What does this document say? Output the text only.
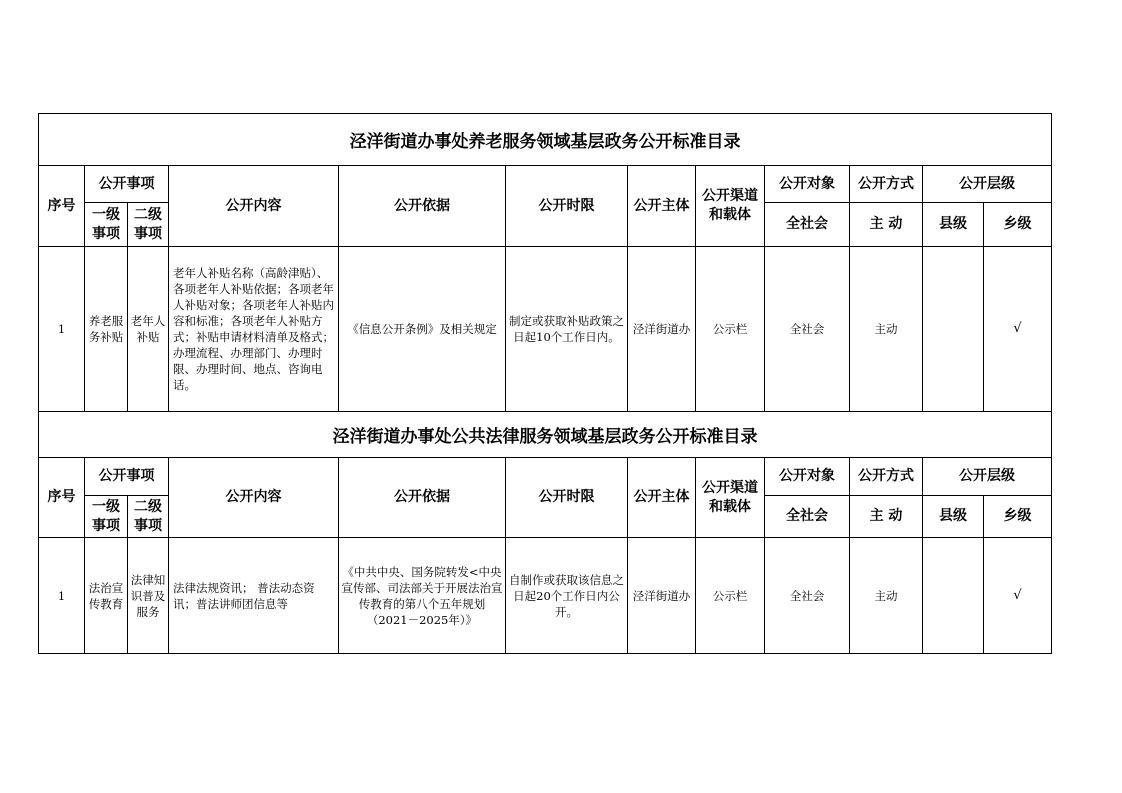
泾洋街道办事处养老服务领域基层政务公开标准目录											
序号	公开事项		公开内容	公开依据	公开时限	公开主体	公开渠道和载体	公开对象	公开方式	公开层级	
	一级事项	二级事项						全社会	主 动	县级	乡级
1	养老服务补贴	老年人补贴	老年人补贴名称（高龄津贴）、各项老年人补贴依据；各项老年人补贴对象；各项老年人补贴内容和标准；各项老年人补贴方式；补贴申请材料清单及格式；办理流程、办理部门、办理时限、办理时间、地点、咨询电话。	《信息公开条例》及相关规定	制定或获取补贴政策之日起10个工作日内。	泾洋街道办	公示栏	全社会	主动		√
泾洋街道办事处公共法律服务领域基层政务公开标准目录											
序号	公开事项		公开内容	公开依据	公开时限	公开主体	公开渠道和载体	公开对象	公开方式	公开层级	
	一级事项	二级事项						全社会	主 动	县级	乡级
1	法治宣传教育	法律知识普及服务	法律法规资讯； 普法动态资讯；普法讲师团信息等	《中共中央、国务院转发<中央宣传部、司法部关于开展法治宣传教育的第八个五年规划（2021－2025年）》	自制作或获取该信息之日起20个工作日内公开。	泾洋街道办	公示栏	全社会	主动		√
